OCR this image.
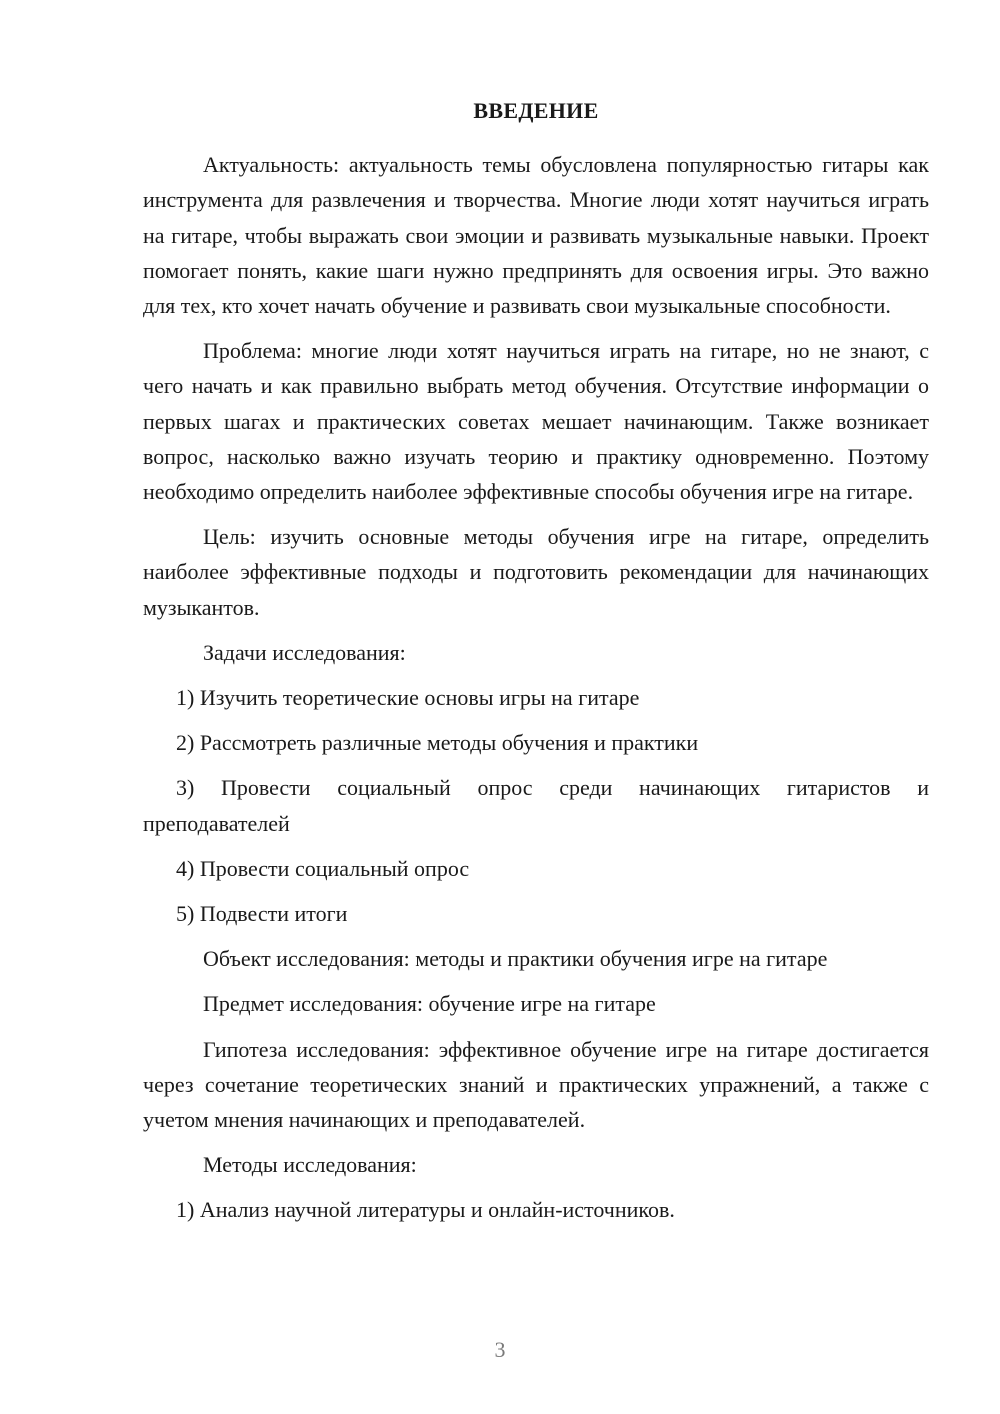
ВВЕДЕНИЕ

Актуальность: актуальность темы обусловлена популярностью гитары как инструмента для развлечения и творчества. Многие люди хотят научиться играть на гитаре, чтобы выражать свои эмоции и развивать музыкальные навыки. Проект помогает понять, какие шаги нужно предпринять для освоения игры. Это важно для тех, кто хочет начать обучение и развивать свои музыкальные способности.

Проблема: многие люди хотят научиться играть на гитаре, но не знают, с чего начать и как правильно выбрать метод обучения. Отсутствие информации о первых шагах и практических советах мешает начинающим. Также возникает вопрос, насколько важно изучать теорию и практику одновременно. Поэтому необходимо определить наиболее эффективные способы обучения игре на гитаре.

Цель: изучить основные методы обучения игре на гитаре, определить наиболее эффективные подходы и подготовить рекомендации для начинающих музыкантов.

Задачи исследования:

1) Изучить теоретические основы игры на гитаре

2) Рассмотреть различные методы обучения и практики

3) Провести социальный опрос среди начинающих гитаристов и преподавателей

4) Провести социальный опрос

5) Подвести итоги

Объект исследования: методы и практики обучения игре на гитаре

Предмет исследования: обучение игре на гитаре

Гипотеза исследования: эффективное обучение игре на гитаре достигается через сочетание теоретических знаний и практических упражнений, а также с учетом мнения начинающих и преподавателей.

Методы исследования:

1) Анализ научной литературы и онлайн-источников.

3
